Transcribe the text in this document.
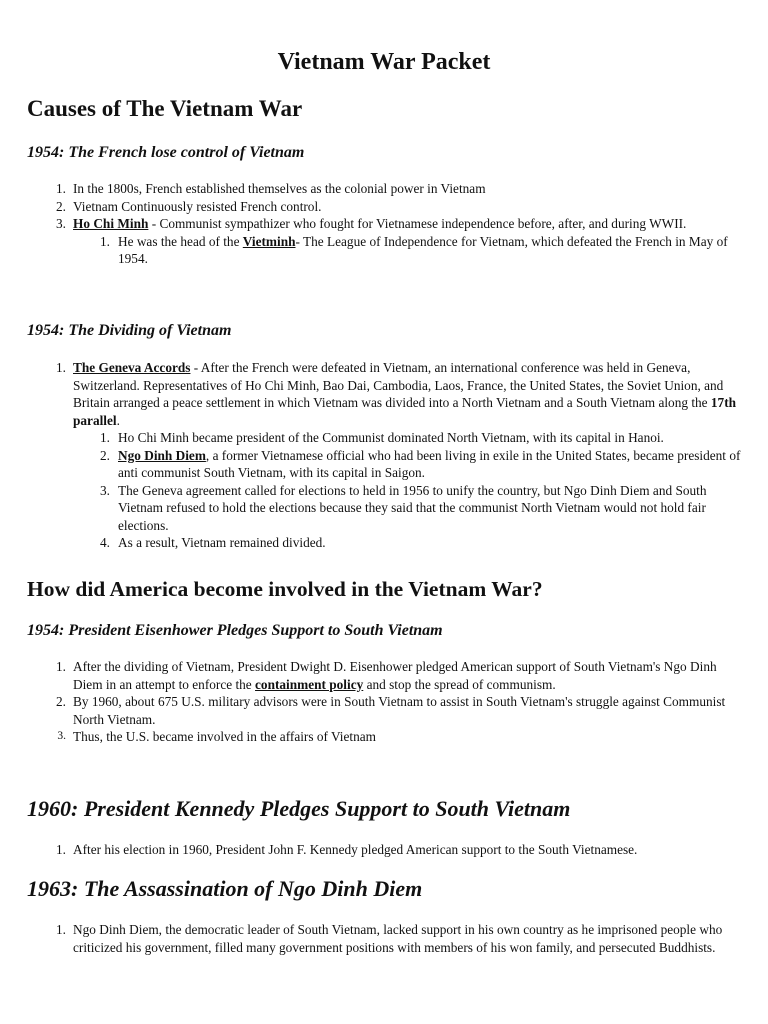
Vietnam War Packet
Causes of The Vietnam War
1954: The French lose control of Vietnam
1. In the 1800s, French established themselves as the colonial power in Vietnam
2. Vietnam Continuously resisted French control.
3. Ho Chi Minh - Communist sympathizer who fought for Vietnamese independence before, after, and during WWII.
1. He was the head of the Vietminh- The League of Independence for Vietnam, which defeated the French in May of 1954.
1954: The Dividing of Vietnam
1. The Geneva Accords - After the French were defeated in Vietnam, an international conference was held in Geneva, Switzerland. Representatives of Ho Chi Minh, Bao Dai, Cambodia, Laos, France, the United States, the Soviet Union, and Britain arranged a peace settlement in which Vietnam was divided into a North Vietnam and a South Vietnam along the 17th parallel.
1. Ho Chi Minh became president of the Communist dominated North Vietnam, with its capital in Hanoi.
2. Ngo Dinh Diem, a former Vietnamese official who had been living in exile in the United States, became president of anti communist South Vietnam, with its capital in Saigon.
3. The Geneva agreement called for elections to held in 1956 to unify the country, but Ngo Dinh Diem and South Vietnam refused to hold the elections because they said that the communist North Vietnam would not hold fair elections.
4. As a result, Vietnam remained divided.
How did America become involved in the Vietnam War?
1954: President Eisenhower Pledges Support to South Vietnam
1. After the dividing of Vietnam, President Dwight D. Eisenhower pledged American support of South Vietnam's Ngo Dinh Diem in an attempt to enforce the containment policy and stop the spread of communism.
2. By 1960, about 675 U.S. military advisors were in South Vietnam to assist in South Vietnam's struggle against Communist North Vietnam.
3. Thus, the U.S. became involved in the affairs of Vietnam
1960: President Kennedy Pledges Support to South Vietnam
1. After his election in 1960, President John F. Kennedy pledged American support to the South Vietnamese.
1963: The Assassination of Ngo Dinh Diem
1. Ngo Dinh Diem, the democratic leader of South Vietnam, lacked support in his own country as he imprisoned people who criticized his government, filled many government positions with members of his won family, and persecuted Buddhists.
